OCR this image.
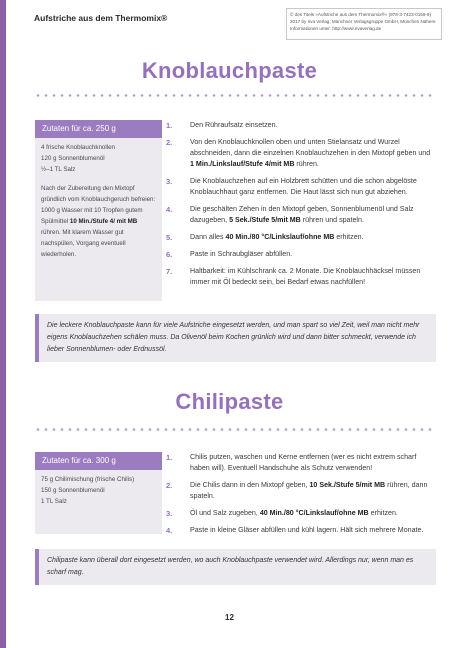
Aufstriche aus dem Thermomix®	© des Titels »Aufstriche aus dem Thermomix®« (978-3-7423-0159-9) 2017 by riva Verlag, Münchner Verlagsgruppe GmbH, München Nähere Informationen unter: http://www.rivaverlag.de
Knoblauchpaste
Zutaten für ca. 250 g
4 frische Knoblauchknollen
120 g Sonnenblumenöl
½–1 TL Salz
Nach der Zubereitung den Mixtopf gründlich vom Knoblauchgeruch befreien: 1000 g Wasser mit 10 Tropfen gutem Spülmittel 10 Min./Stufe 4/ mit MB rühren. Mit klarem Wasser gut nachspülen, Vorgang eventuell wiederholen.
1.	Den Rühraufsatz einsetzen.
2.	Von den Knoblauchknollen oben und unten Stielansatz und Wurzel abschneiden, dann die einzelnen Knoblauchzehen in den Mixtopf geben und 1 Min./Linkslauf/Stufe 4/mit MB rühren.
3.	Die Knoblauchzehen auf ein Holzbrett schütten und die schon abgelöste Knoblauchhaut ganz entfernen. Die Haut lässt sich nun gut abziehen.
4.	Die geschälten Zehen in den Mixtopf geben, Sonnenblumenöl und Salz dazugeben, 5 Sek./Stufe 5/mit MB rühren und spateln.
5.	Dann alles 40 Min./80 °C/Linkslauf/ohne MB erhitzen.
6.	Paste in Schraubgläser abfüllen.
7.	Haltbarkeit: im Kühlschrank ca. 2 Monate. Die Knoblauchhäcksel müssen immer mit Öl bedeckt sein, bei Bedarf etwas nachfüllen!
Die leckere Knoblauchpaste kann für viele Aufstriche eingesetzt werden, und man spart so viel Zeit, weil man nicht mehr eigens Knoblauchzehen schälen muss. Da Olivenöl beim Kochen grünlich wird und dann bitter schmeckt, verwende ich lieber Sonnenblumen- oder Erdnussöl.
Chilipaste
Zutaten für ca. 300 g
75 g Chilimischung (frische Chilis)
150 g Sonnenblumenöl
1 TL Salz
1.	Chilis putzen, waschen und Kerne entfernen (wer es nicht extrem scharf haben will). Eventuell Handschuhe als Schutz verwenden!
2.	Die Chilis dann in den Mixtopf geben, 10 Sek./Stufe 5/mit MB rühren, dann spateln.
3.	Öl und Salz zugeben, 40 Min./80 °C/Linkslauf/ohne MB erhitzen.
4.	Paste in kleine Gläser abfüllen und kühl lagern. Hält sich mehrere Monate.
Chilipaste kann überall dort eingesetzt werden, wo auch Knoblauchpaste verwendet wird. Allerdings nur, wenn man es scharf mag.
12
